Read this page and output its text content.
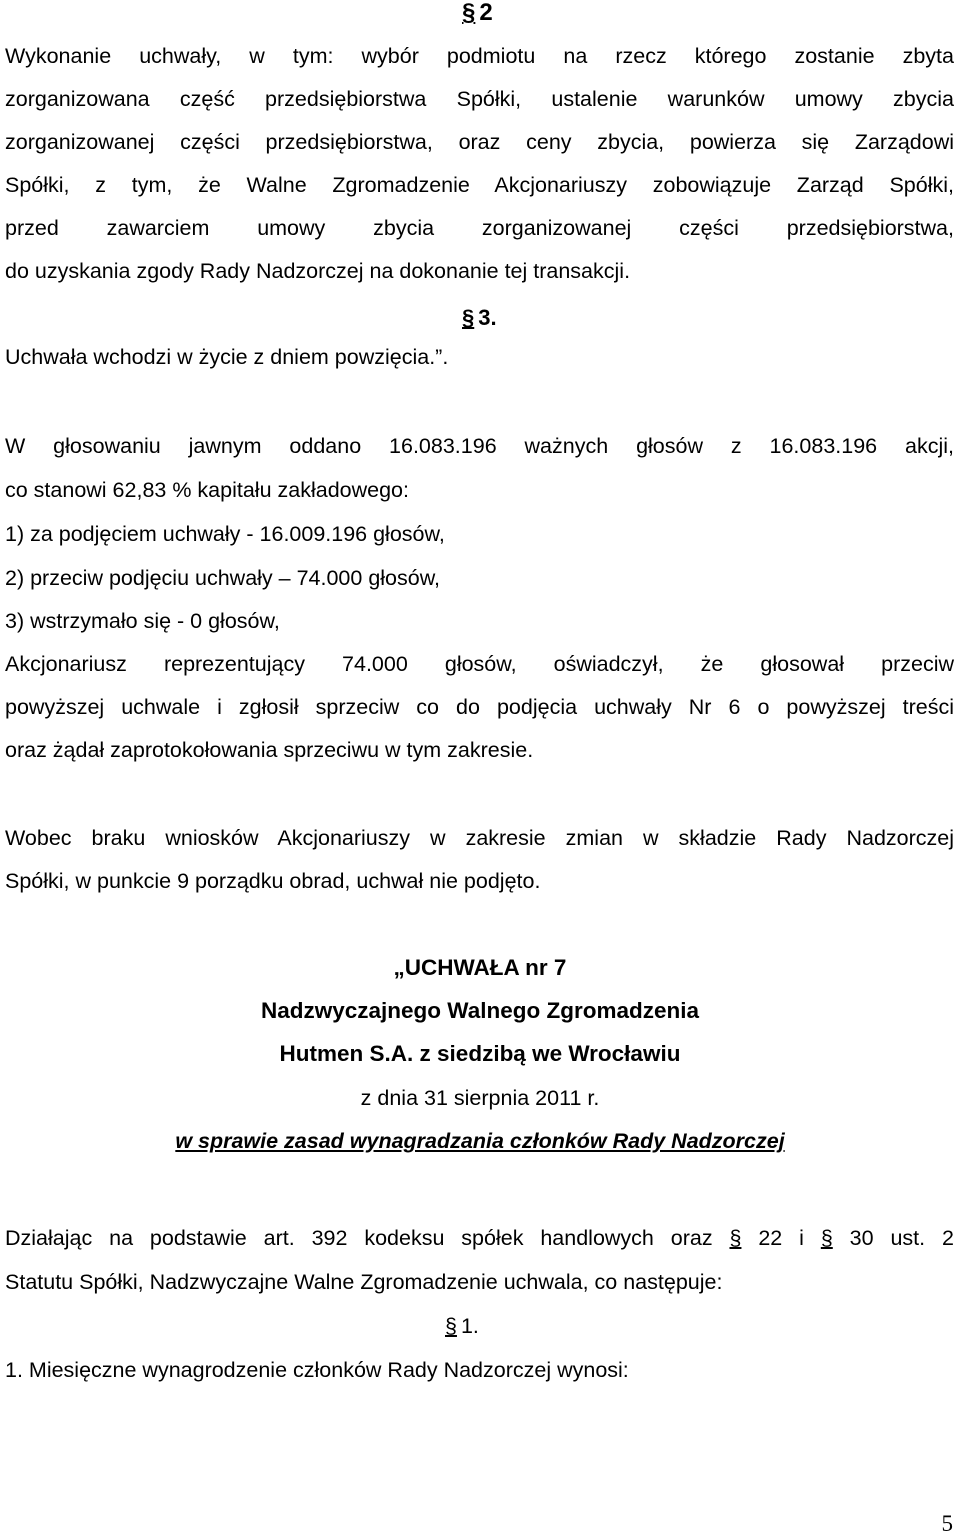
§ 2
Wykonanie uchwały, w tym: wybór podmiotu na rzecz którego zostanie zbyta
zorganizowana część przedsiębiorstwa Spółki, ustalenie warunków umowy zbycia
zorganizowanej części przedsiębiorstwa, oraz ceny zbycia, powierza się Zarządowi
Spółki, z tym, że Walne Zgromadzenie Akcjonariuszy zobowiązuje Zarząd Spółki,
przed zawarciem umowy zbycia zorganizowanej części przedsiębiorstwa,
do uzyskania zgody Rady Nadzorczej na dokonanie tej transakcji.
§ 3.
Uchwała wchodzi w życie z dniem powzięcia.”.
W głosowaniu jawnym oddano 16.083.196 ważnych głosów z 16.083.196 akcji,
co stanowi 62,83 % kapitału zakładowego:
1) za podjęciem uchwały - 16.009.196 głosów,
2) przeciw podjęciu uchwały – 74.000 głosów,
3) wstrzymało się - 0 głosów,
Akcjonariusz reprezentujący 74.000 głosów, oświadczył, że głosował przeciw
powyższej uchwale i zgłosił sprzeciw co do podjęcia uchwały Nr 6 o powyższej treści
oraz żądał zaprotokołowania sprzeciwu w tym zakresie.
Wobec braku wniosków Akcjonariuszy w zakresie zmian w składzie Rady Nadzorczej
Spółki, w punkcie 9 porządku obrad, uchwał nie podjęto.
„UCHWAŁA nr 7
Nadzwyczajnego Walnego Zgromadzenia
Hutmen S.A. z siedzibą we Wrocławiu
z dnia 31 sierpnia 2011 r.
w sprawie zasad wynagradzania członków Rady Nadzorczej
Działając na podstawie art. 392 kodeksu spółek handlowych oraz § 22 i § 30 ust. 2
Statutu Spółki, Nadzwyczajne Walne Zgromadzenie uchwala, co następuje:
§ 1.
1. Miesięczne wynagrodzenie członków Rady Nadzorczej wynosi:
5
